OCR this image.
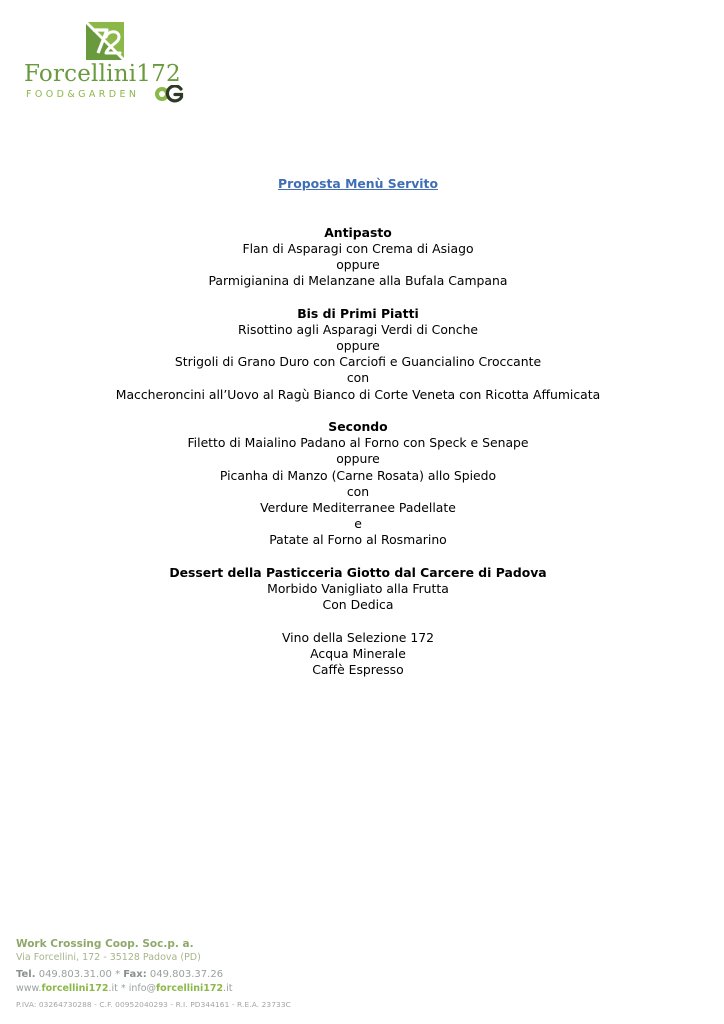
Forcellini172
FOOD&GARDEN
Proposta Menù Servito
Antipasto
Flan di Asparagi con Crema di Asiago
oppure
Parmigianina di Melanzane alla Bufala Campana
Bis di Primi Piatti
Risottino agli Asparagi Verdi di Conche
oppure
Strigoli di Grano Duro con Carciofi e Guancialino Croccante
con
Maccheroncini all’Uovo al Ragù Bianco di Corte Veneta con Ricotta Affumicata
Secondo
Filetto di Maialino Padano al Forno con Speck e Senape
oppure
Picanha di Manzo (Carne Rosata) allo Spiedo
con
Verdure Mediterranee Padellate
e
Patate al Forno al Rosmarino
Dessert della Pasticceria Giotto dal Carcere di Padova
Morbido Vanigliato alla Frutta
Con Dedica
Vino della Selezione 172
Acqua Minerale
Caffè Espresso
Work Crossing Coop. Soc.p. a.
Via Forcellini, 172 - 35128 Padova (PD)
Tel. 049.803.31.00 * Fax: 049.803.37.26
www.forcellini172.it * info@forcellini172.it
P.IVA: 03264730288 - C.F. 00952040293 - R.I. PD344161 - R.E.A. 23733C
